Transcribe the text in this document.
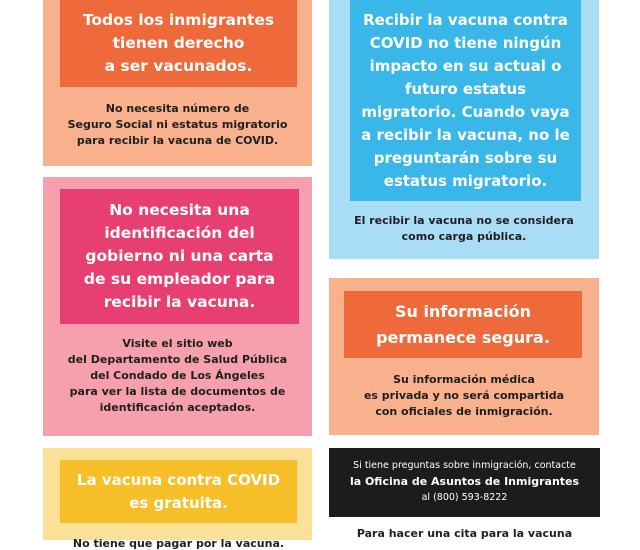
Todos los inmigrantes
tienen derecho
a ser vacunados.
No necesita número de
Seguro Social ni estatus migratorio
para recibir la vacuna de COVID.
Recibir la vacuna contra
COVID no tiene ningún
impacto en su actual o
futuro estatus
migratorio. Cuando vaya
a recibir la vacuna, no le
preguntarán sobre su
estatus migratorio.
El recibir la vacuna no se considera
como carga pública.
No necesita una
identificación del
gobierno ni una carta
de su empleador para
recibir la vacuna.
Visite el sitio web
del Departamento de Salud Pública
del Condado de Los Ángeles
para ver la lista de documentos de
identificación aceptados.
Su información
permanece segura.
Su información médica
es privada y no será compartida
con oficiales de inmigración.
La vacuna contra COVID
es gratuita.
No tiene que pagar por la vacuna.
Si tiene preguntas sobre inmigración, contacte
la Oficina de Asuntos de Inmigrantes
al (800) 593-8222
Para hacer una cita para la vacuna
